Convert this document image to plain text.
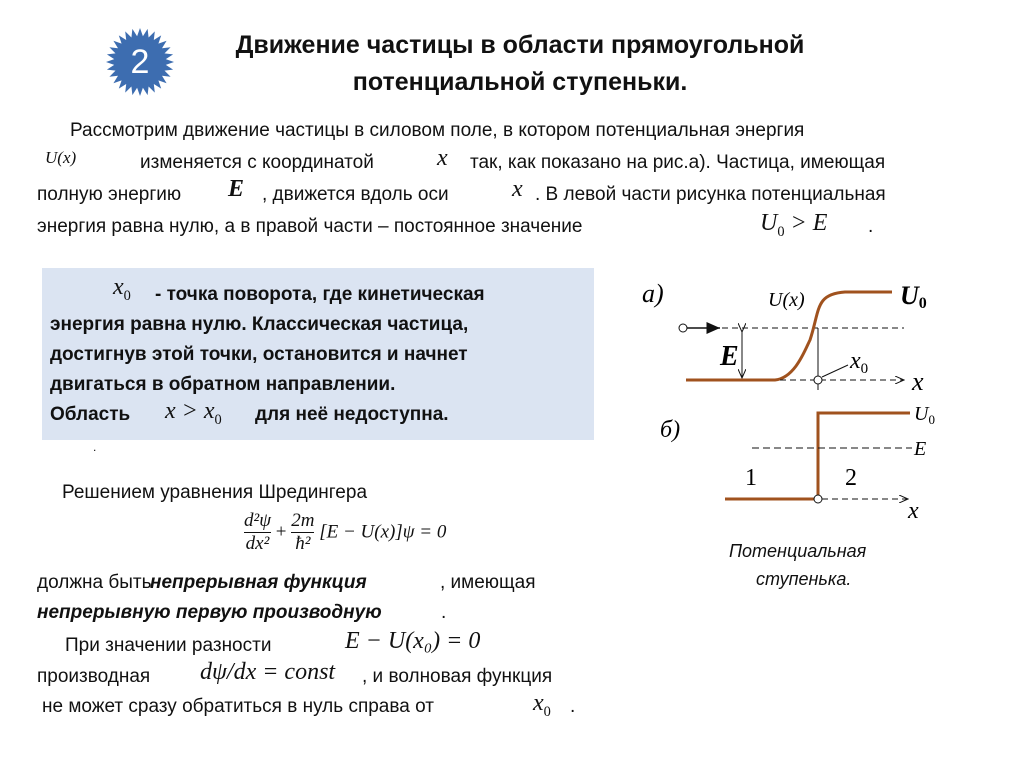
2	Движение частицы в области прямоугольной
потенциальной ступеньки.
Рассмотрим движение частицы в силовом поле, в котором потенциальная энергия
U(x)	изменяется с координатой	x так, как показано на рис.а). Частица, имеющая
полную энергию E , движется вдоль оси	x . В левой части рисунка потенциальная
энергия равна нулю, а в правой части – постоянное значение	$U_0 > E$ .
$x_0$ - точка поворота, где кинетическая
энергия равна нулю. Классическая частица,
достигнув этой точки, остановится и начнет
двигаться в обратном направлении.
Область $x > x_0$ для неё недоступна.
.
Решением уравнения Шредингера
$\frac{\text{d²ψ}}{\text{dx²}} + \frac{2m}{\text{ħ²}} [E - U(x)]\psi = 0$
должна быть
непрерывная функция	, имеющая
непрерывную первую производную	.
При значении разности	E − U(x₀) = 0
производная dψ/dx = const , и волновая функция
не может сразу обратиться в нуль справа от	$x_0$ .
a)	U(x)	U0
E	$x_0$ x
б)
$U_0$
E
1	2
x
Потенциальная
ступенька.
